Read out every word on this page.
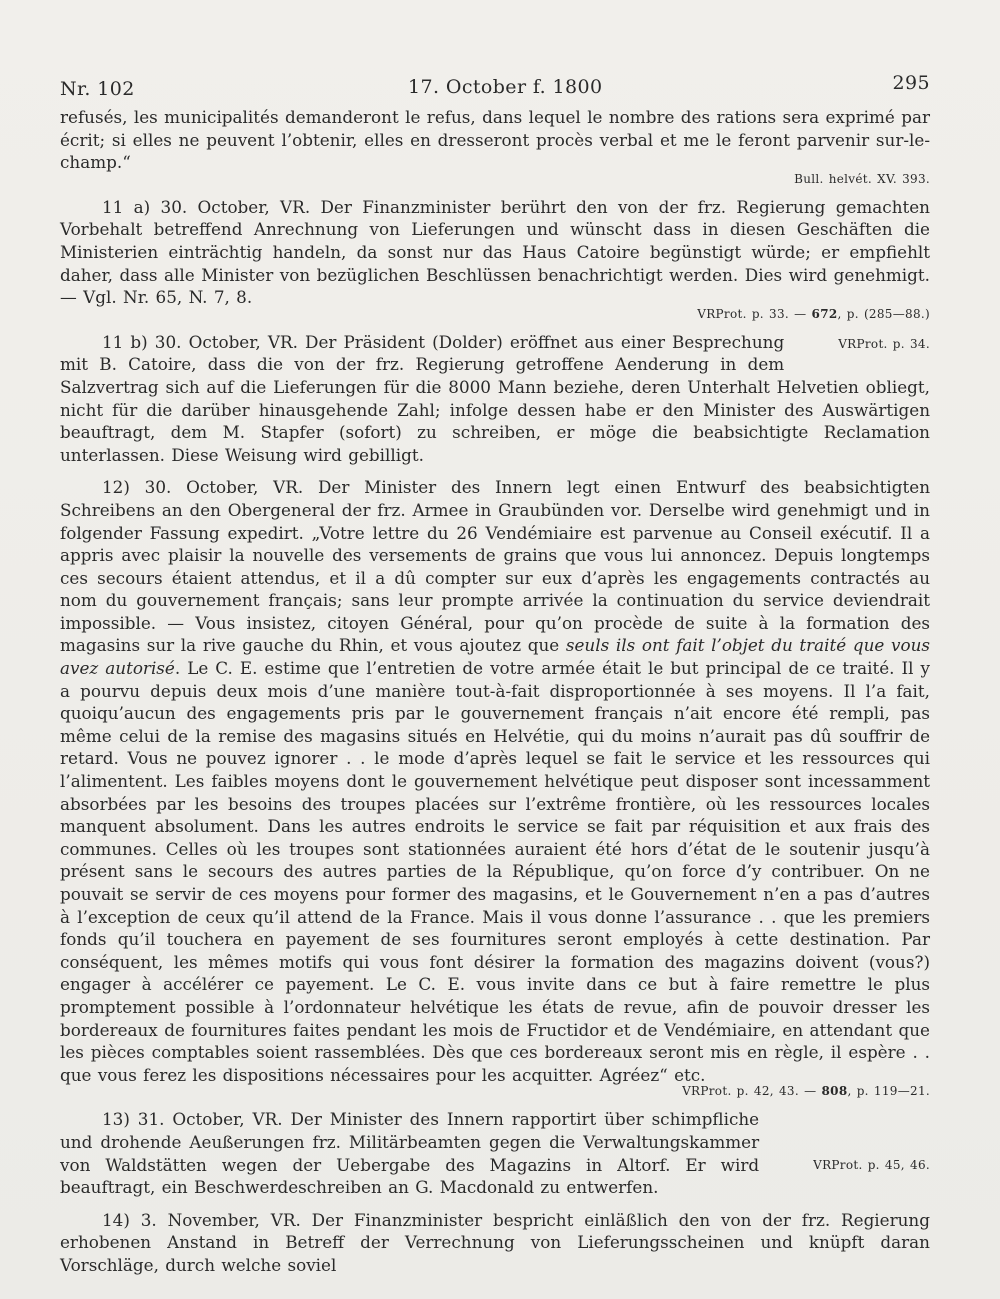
Nr. 102	17. October f. 1800	295

refusés, les municipalités demanderont le refus, dans lequel le nombre des rations sera exprimé par écrit; si elles ne peuvent l’obtenir, elles en dresseront procès verbal et me le feront parvenir sur-le-champ.“

Bull. helvét. XV. 393.

11 a) 30. October, VR. Der Finanzminister berührt den von der frz. Regierung gemachten Vorbehalt betreffend Anrechnung von Lieferungen und wünscht dass in diesen Geschäften die Ministerien einträchtig handeln, da sonst nur das Haus Catoire begünstigt würde; er empfiehlt daher, dass alle Minister von bezüglichen Beschlüssen benachrichtigt werden. Dies wird genehmigt. — Vgl. Nr. 65, N. 7, 8.

VRProt. p. 33. — 672, p. (285—88.)

VRProt. p. 34.
11 b) 30. October, VR. Der Präsident (Dolder) eröffnet aus einer Besprechung mit B. Catoire, dass die von der frz. Regierung getroffene Aenderung in dem Salzvertrag sich auf die Lieferungen für die 8000 Mann beziehe, deren Unterhalt Helvetien obliegt, nicht für die darüber hinausgehende Zahl; infolge dessen habe er den Minister des Auswärtigen beauftragt, dem M. Stapfer (sofort) zu schreiben, er möge die beabsichtigte Reclamation unterlassen. Diese Weisung wird gebilligt.

12) 30. October, VR. Der Minister des Innern legt einen Entwurf des beabsichtigten Schreibens an den Obergeneral der frz. Armee in Graubünden vor. Derselbe wird genehmigt und in folgender Fassung expedirt. „Votre lettre du 26 Vendémiaire est parvenue au Conseil exécutif. Il a appris avec plaisir la nouvelle des versements de grains que vous lui annoncez. Depuis longtemps ces secours étaient attendus, et il a dû compter sur eux d’après les engagements contractés au nom du gouvernement français; sans leur prompte arrivée la continuation du service deviendrait impossible. — Vous insistez, citoyen Général, pour qu’on procède de suite à la formation des magasins sur la rive gauche du Rhin, et vous ajoutez que seuls ils ont fait l’objet du traité que vous avez autorisé. Le C. E. estime que l’entretien de votre armée était le but principal de ce traité. Il y a pourvu depuis deux mois d’une manière tout-à-fait disproportionnée à ses moyens. Il l’a fait, quoiqu’aucun des engagements pris par le gouvernement français n’ait encore été rempli, pas même celui de la remise des magasins situés en Helvétie, qui du moins n’aurait pas dû souffrir de retard. Vous ne pouvez ignorer . . le mode d’après lequel se fait le service et les ressources qui l’alimentent. Les faibles moyens dont le gouvernement helvétique peut disposer sont incessamment absorbées par les besoins des troupes placées sur l’extrême frontière, où les ressources locales manquent absolument. Dans les autres endroits le service se fait par réquisition et aux frais des communes. Celles où les troupes sont stationnées auraient été hors d’état de le soutenir jusqu’à présent sans le secours des autres parties de la République, qu’on force d’y contribuer. On ne pouvait se servir de ces moyens pour former des magasins, et le Gouvernement n’en a pas d’autres à l’exception de ceux qu’il attend de la France. Mais il vous donne l’assurance . . que les premiers fonds qu’il touchera en payement de ses fournitures seront employés à cette destination. Par conséquent, les mêmes motifs qui vous font désirer la formation des magazins doivent (vous?) engager à accélérer ce payement. Le C. E. vous invite dans ce but à faire remettre le plus promptement possible à l’ordonnateur helvétique les états de revue, afin de pouvoir dresser les bordereaux de fournitures faites pendant les mois de Fructidor et de Vendémiaire, en attendant que les pièces comptables soient rassemblées. Dès que ces bordereaux seront mis en règle, il espère . . que vous ferez les dispositions nécessaires pour les acquitter. Agréez“ etc.

VRProt. p. 42, 43. — 808, p. 119—21.

VRProt. p. 45, 46.
13) 31. October, VR. Der Minister des Innern rapportirt über schimpfliche und drohende Aeußerungen frz. Militärbeamten gegen die Verwaltungskammer von Waldstätten wegen der Uebergabe des Magazins in Altorf. Er wird beauftragt, ein Beschwerdeschreiben an G. Macdonald zu entwerfen.

14) 3. November, VR. Der Finanzminister bespricht einläßlich den von der frz. Regierung erhobenen Anstand in Betreff der Verrechnung von Lieferungsscheinen und knüpft daran Vorschläge, durch welche soviel
